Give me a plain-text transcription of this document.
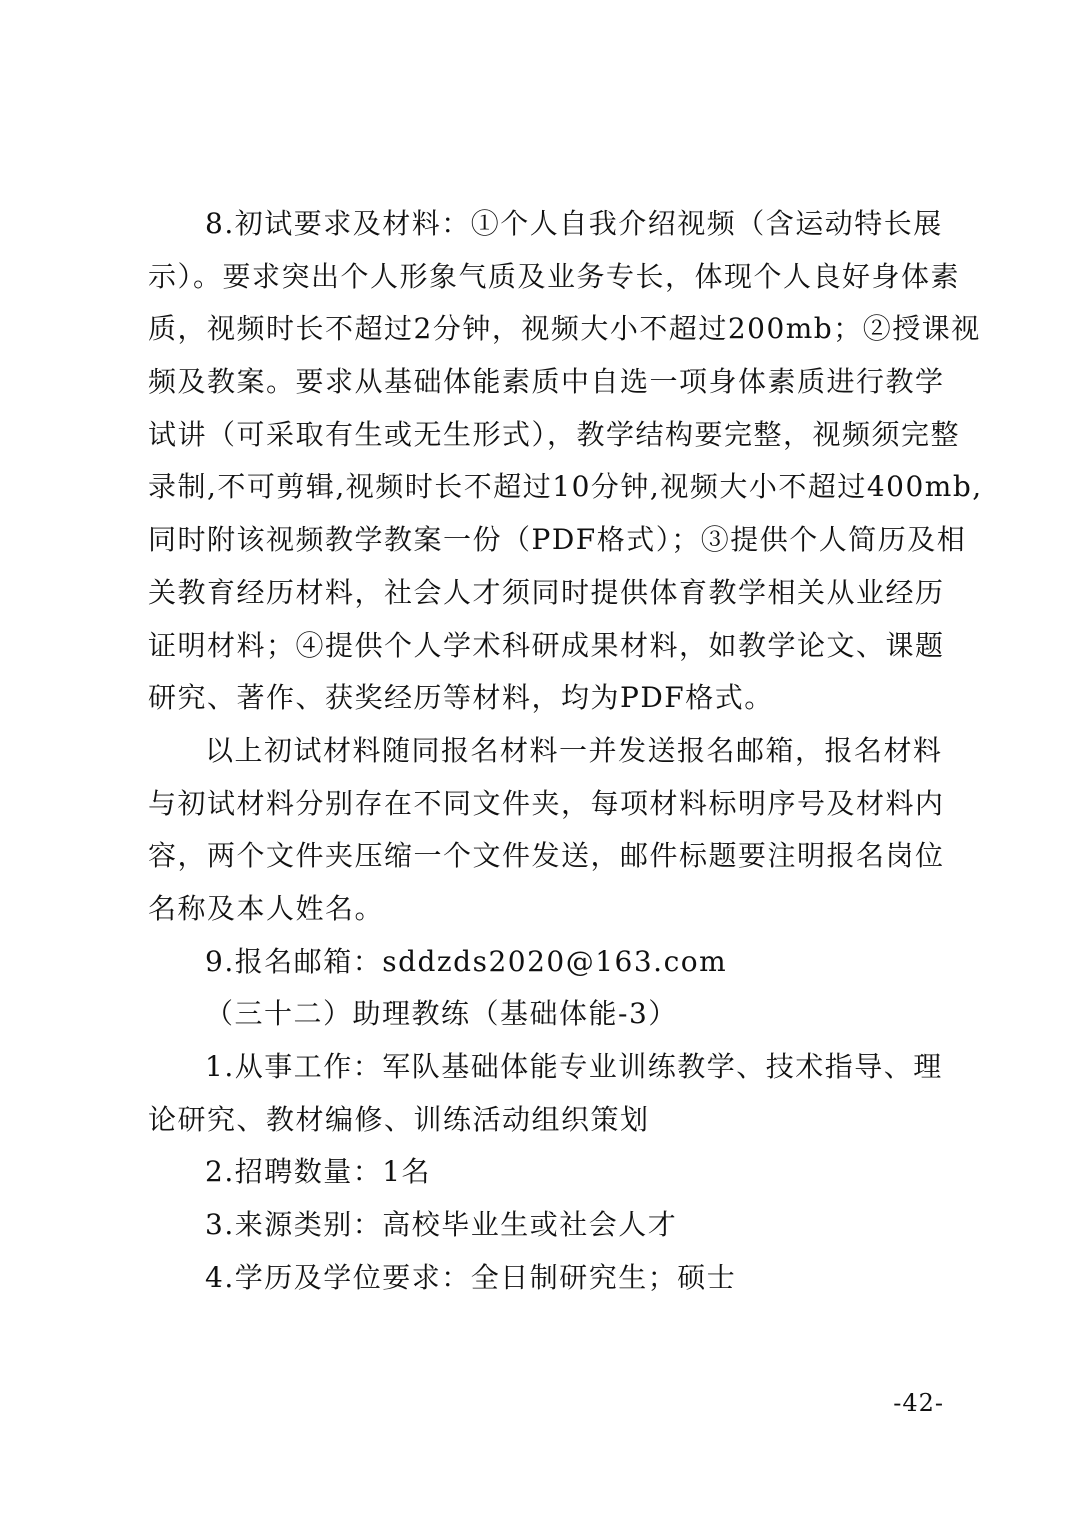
8.初试要求及材料：①个人自我介绍视频（含运动特长展
示）。要求突出个人形象气质及业务专长，体现个人良好身体素
质，视频时长不超过2分钟，视频大小不超过200mb；②授课视
频及教案。要求从基础体能素质中自选一项身体素质进行教学
试讲（可采取有生或无生形式），教学结构要完整，视频须完整
录制,不可剪辑,视频时长不超过10分钟,视频大小不超过400mb,
同时附该视频教学教案一份（PDF格式）；③提供个人简历及相
关教育经历材料，社会人才须同时提供体育教学相关从业经历
证明材料；④提供个人学术科研成果材料，如教学论文、课题
研究、著作、获奖经历等材料，均为PDF格式。
以上初试材料随同报名材料一并发送报名邮箱，报名材料
与初试材料分别存在不同文件夹，每项材料标明序号及材料内
容，两个文件夹压缩一个文件发送，邮件标题要注明报名岗位
名称及本人姓名。
9.报名邮箱：sddzds2020@163.com
（三十二）助理教练（基础体能-3）
1.从事工作：军队基础体能专业训练教学、技术指导、理
论研究、教材编修、训练活动组织策划
2.招聘数量：1名
3.来源类别：高校毕业生或社会人才
4.学历及学位要求：全日制研究生；硕士
-42-
